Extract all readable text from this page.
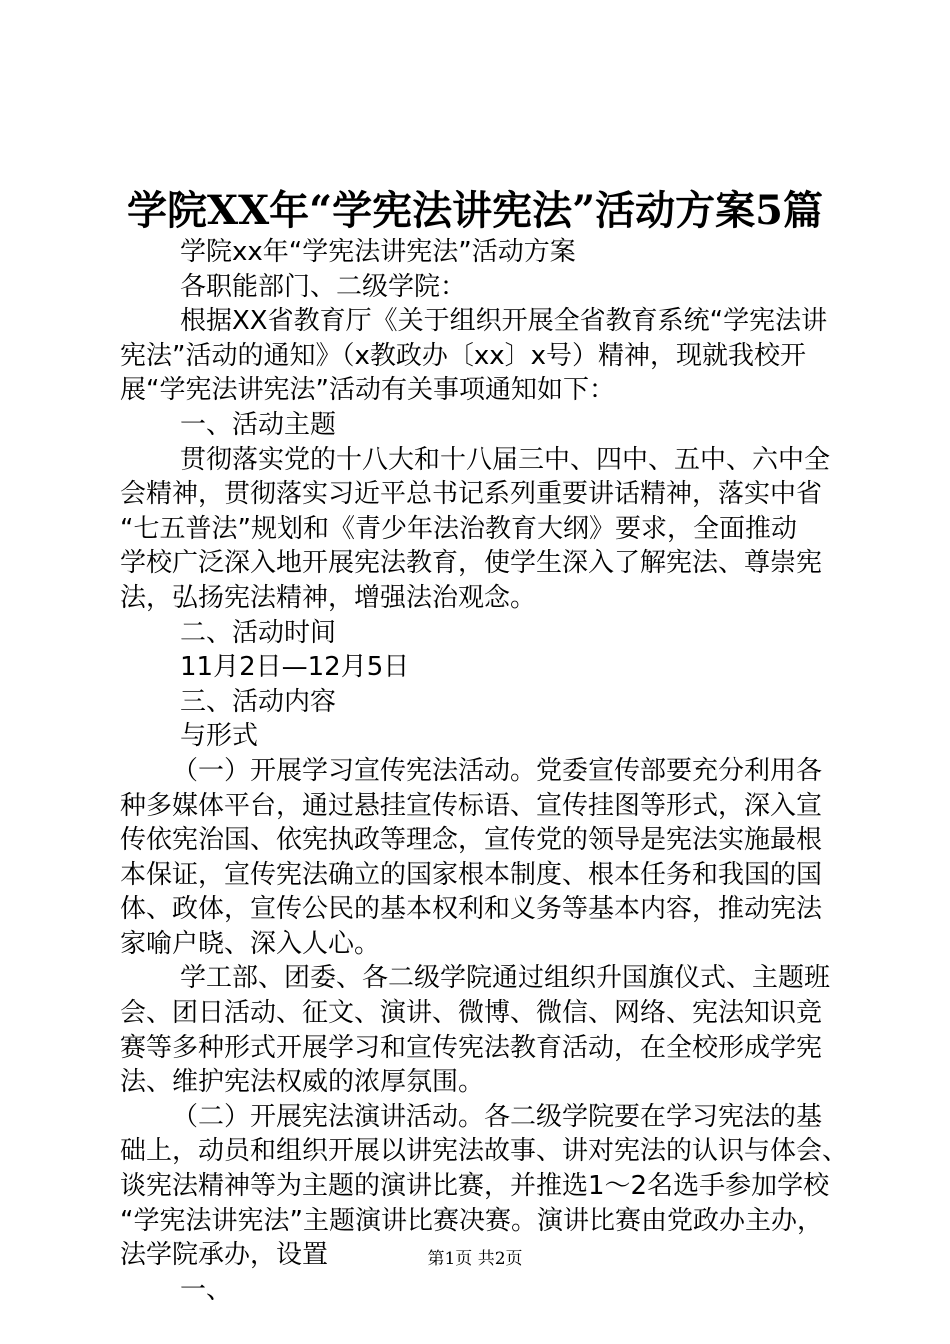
学院XX年“学宪法讲宪法”活动方案5篇
学院xx年“学宪法讲宪法”活动方案
各职能部门、二级学院：
根据XX省教育厅《关于组织开展全省教育系统“学宪法讲
宪法”活动的通知》（x教政办〔xx〕x号）精神，现就我校开
展“学宪法讲宪法”活动有关事项通知如下：
一、活动主题
贯彻落实党的十八大和十八届三中、四中、五中、六中全
会精神，贯彻落实习近平总书记系列重要讲话精神，落实中省
“七五普法”规划和《青少年法治教育大纲》要求，全面推动
学校广泛深入地开展宪法教育，使学生深入了解宪法、尊崇宪
法，弘扬宪法精神，增强法治观念。
二、活动时间
11月2日—12月5日
三、活动内容
与形式
（一）开展学习宣传宪法活动。党委宣传部要充分利用各
种多媒体平台，通过悬挂宣传标语、宣传挂图等形式，深入宣
传依宪治国、依宪执政等理念，宣传党的领导是宪法实施最根
本保证，宣传宪法确立的国家根本制度、根本任务和我国的国
体、政体，宣传公民的基本权利和义务等基本内容，推动宪法
家喻户晓、深入人心。
学工部、团委、各二级学院通过组织升国旗仪式、主题班
会、团日活动、征文、演讲、微博、微信、网络、宪法知识竞
赛等多种形式开展学习和宣传宪法教育活动，在全校形成学宪
法、维护宪法权威的浓厚氛围。
（二）开展宪法演讲活动。各二级学院要在学习宪法的基
础上，动员和组织开展以讲宪法故事、讲对宪法的认识与体会、
谈宪法精神等为主题的演讲比赛，并推选1～2名选手参加学校
“学宪法讲宪法”主题演讲比赛决赛。演讲比赛由党政办主办，
法学院承办，设置
一、
第1页 共2页
